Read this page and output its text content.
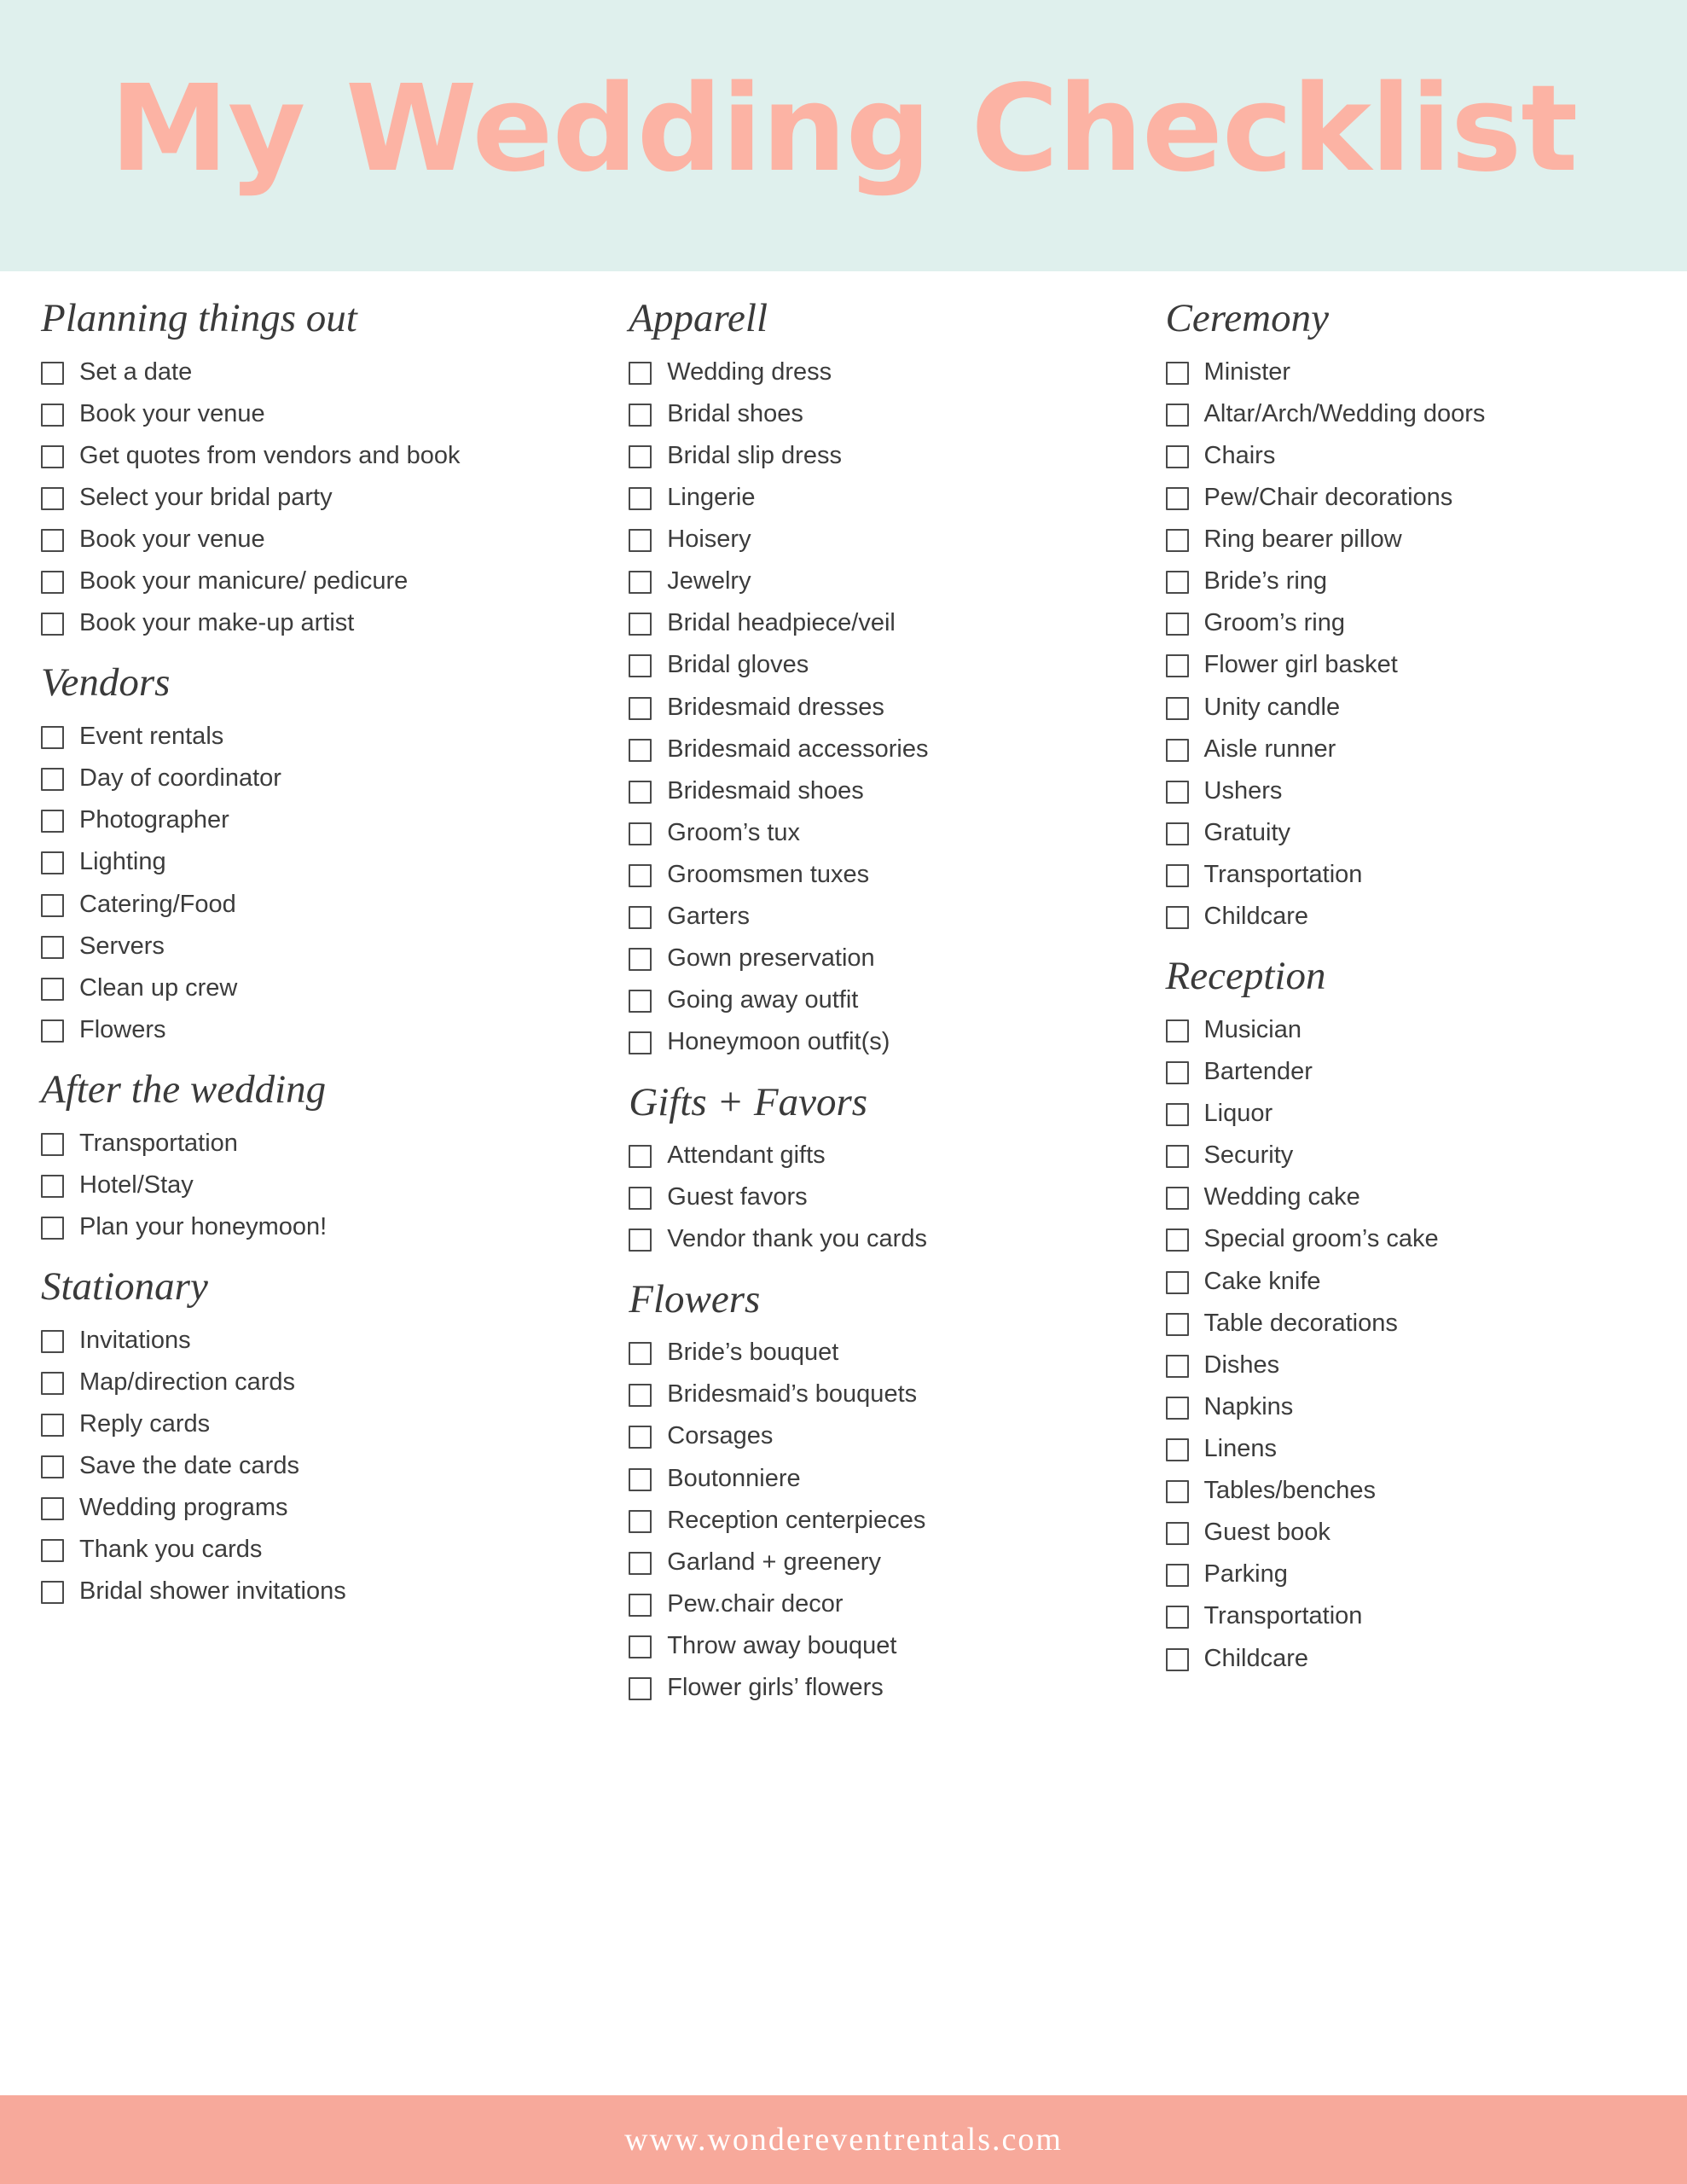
My Wedding Checklist
Planning things out
Set a date
Book your venue
Get quotes from vendors and book
Select your bridal party
Book your venue
Book your manicure/ pedicure
Book your make-up artist
Vendors
Event rentals
Day of coordinator
Photographer
Lighting
Catering/Food
Servers
Clean up crew
Flowers
After the wedding
Transportation
Hotel/Stay
Plan your honeymoon!
Stationary
Invitations
Map/direction cards
Reply cards
Save the date cards
Wedding programs
Thank you cards
Bridal shower invitations
Apparell
Wedding dress
Bridal shoes
Bridal slip dress
Lingerie
Hoisery
Jewelry
Bridal headpiece/veil
Bridal gloves
Bridesmaid dresses
Bridesmaid accessories
Bridesmaid shoes
Groom’s tux
Groomsmen tuxes
Garters
Gown preservation
Going away outfit
Honeymoon outfit(s)
Gifts + Favors
Attendant gifts
Guest favors
Vendor thank you cards
Flowers
Bride’s bouquet
Bridesmaid’s bouquets
Corsages
Boutonniere
Reception centerpieces
Garland + greenery
Pew.chair decor
Throw away bouquet
Flower girls’ flowers
Ceremony
Minister
Altar/Arch/Wedding doors
Chairs
Pew/Chair decorations
Ring bearer pillow
Bride’s ring
Groom’s ring
Flower girl basket
Unity candle
Aisle runner
Ushers
Gratuity
Transportation
Childcare
Reception
Musician
Bartender
Liquor
Security
Wedding cake
Special groom’s cake
Cake knife
Table decorations
Dishes
Napkins
Linens
Tables/benches
Guest book
Parking
Transportation
Childcare
www.wondereventrentals.com
